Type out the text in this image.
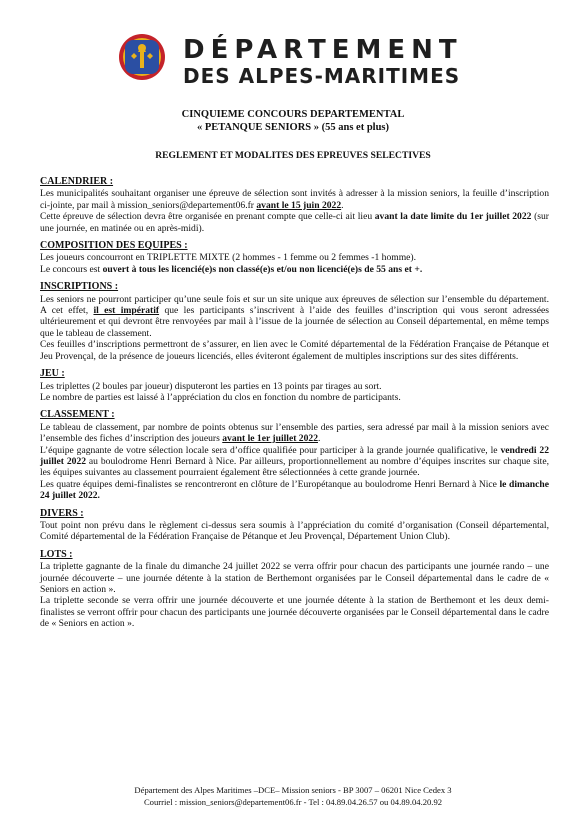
DÉPARTEMENT
DES ALPES-MARITIMES
CINQUIEME CONCOURS DEPARTEMENTAL
« PETANQUE SENIORS » (55 ans et plus)
REGLEMENT ET MODALITES DES EPREUVES SELECTIVES
CALENDRIER :

Les municipalités souhaitant organiser une épreuve de sélection sont invités à adresser à la mission seniors, la feuille d’inscription ci-jointe, par mail à mission_seniors@departement06.fr avant le 15 juin 2022.

Cette épreuve de sélection devra être organisée en prenant compte que celle-ci ait lieu avant la date limite du 1er juillet 2022 (sur une journée, en matinée ou en après-midi).

COMPOSITION DES EQUIPES :

Les joueurs concourront en TRIPLETTE MIXTE (2 hommes - 1 femme ou 2 femmes -1 homme).

Le concours est ouvert à tous les licencié(e)s non classé(e)s et/ou non licencié(e)s de 55 ans et +.

INSCRIPTIONS :

Les seniors ne pourront participer qu’une seule fois et sur un site unique aux épreuves de sélection sur l’ensemble du département. A cet effet, il est impératif que les participants s’inscrivent à l’aide des feuilles d’inscription qui vous seront adressées ultérieurement et qui devront être renvoyées par mail à l’issue de la journée de sélection au Conseil départemental, en même temps que le tableau de classement.

Ces feuilles d’inscriptions permettront de s’assurer, en lien avec le Comité départemental de la Fédération Française de Pétanque et Jeu Provençal, de la présence de joueurs licenciés, elles éviteront également de multiples inscriptions sur des sites différents.

JEU :

Les triplettes (2 boules par joueur) disputeront les parties en 13 points par tirages au sort.

Le nombre de parties est laissé à l’appréciation du clos en fonction du nombre de participants.

CLASSEMENT :

Le tableau de classement, par nombre de points obtenus sur l’ensemble des parties, sera adressé par mail à la mission seniors avec l’ensemble des fiches d’inscription des joueurs avant le 1er juillet 2022.

L’équipe gagnante de votre sélection locale sera d’office qualifiée pour participer à la grande journée qualificative, le vendredi 22 juillet 2022 au boulodrome Henri Bernard à Nice. Par ailleurs, proportionnellement au nombre d’équipes inscrites sur chaque site, les équipes suivantes au classement pourraient également être sélectionnées à cette grande journée.

Les quatre équipes demi-finalistes se rencontreront en clôture de l’Europétanque au boulodrome Henri Bernard à Nice le dimanche 24 juillet 2022.

DIVERS :

Tout point non prévu dans le règlement ci-dessus sera soumis à l’appréciation du comité d’organisation (Conseil départemental, Comité départemental de la Fédération Française de Pétanque et Jeu Provençal, Département Union Club).

LOTS :

La triplette gagnante de la finale du dimanche 24 juillet 2022 se verra offrir pour chacun des participants une journée rando – une journée découverte – une journée détente à la station de Berthemont organisées par le Conseil départemental dans le cadre de « Seniors en action ».

La triplette seconde se verra offrir une journée découverte et une journée détente à la station de Berthemont et les deux demi-finalistes se verront offrir pour chacun des participants une journée découverte organisées par le Conseil départemental dans le cadre de « Seniors en action ».

Département des Alpes Maritimes –DCE– Mission seniors - BP 3007 – 06201 Nice Cedex 3
Courriel : mission_seniors@departement06.fr - Tel : 04.89.04.26.57 ou 04.89.04.20.92
